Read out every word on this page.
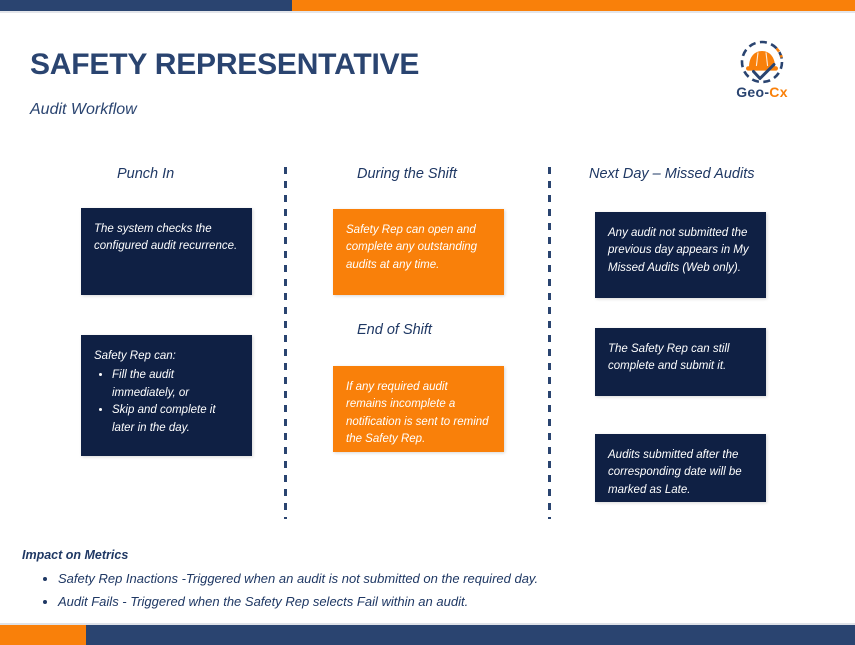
SAFETY REPRESENTATIVE
Audit Workflow
Geo-Cx
Punch In	During the Shift
End of Shift
Next Day – Missed Audits

The system checks the configured audit recurrence.

Safety Rep can:

• Fill the audit immediately, or
• Skip and complete it later in the day.

Safety Rep can open and complete any outstanding audits at any time.

If any required audit remains incomplete a notification is sent to remind the Safety Rep.

Any audit not submitted the previous day appears in My Missed Audits (Web only).

The Safety Rep can still complete and submit it.

Audits submitted after the corresponding date will be marked as Late.

Impact on Metrics
• Safety Rep Inactions -Triggered when an audit is not submitted on the required day.
• Audit Fails - Triggered when the Safety Rep selects Fail within an audit.
